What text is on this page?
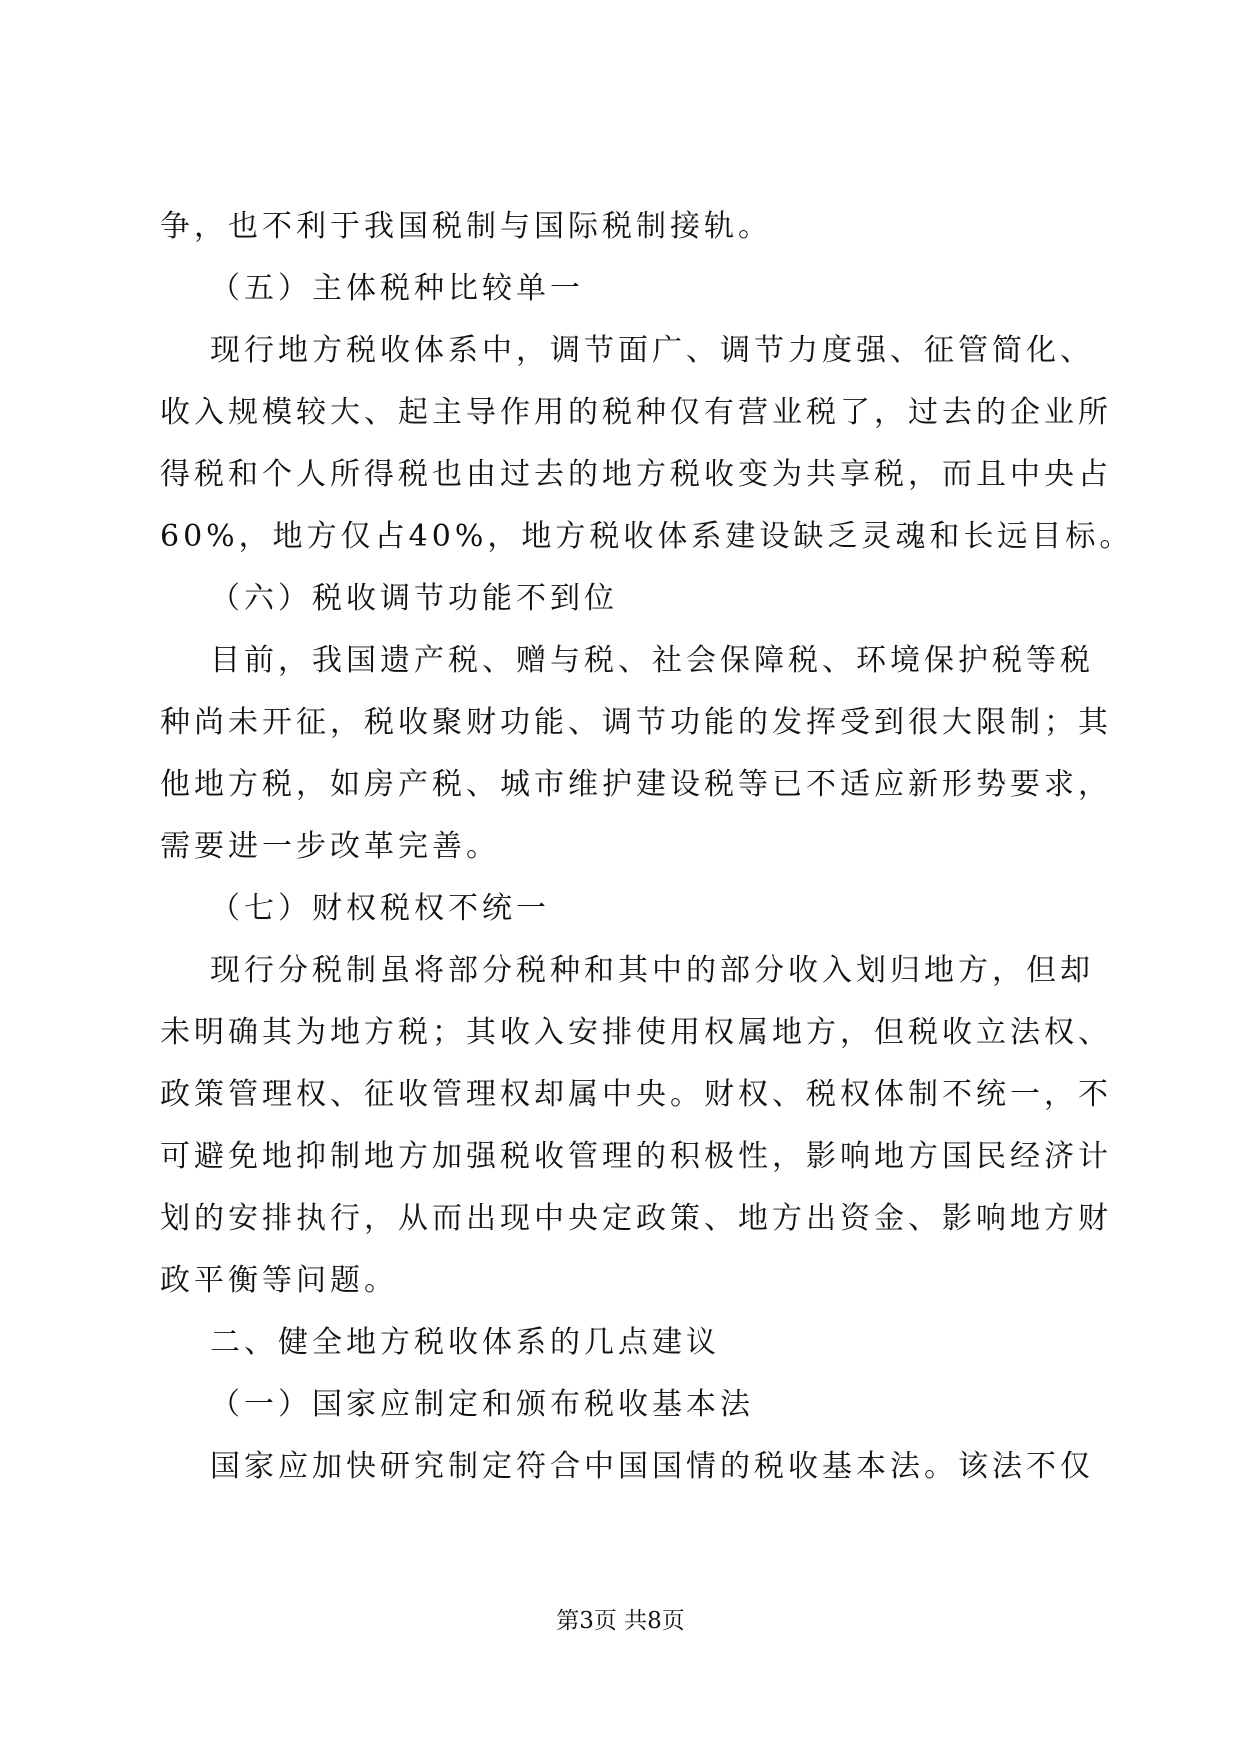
争，也不利于我国税制与国际税制接轨。
（五）主体税种比较单一
现行地方税收体系中，调节面广、调节力度强、征管简化、
收入规模较大、起主导作用的税种仅有营业税了，过去的企业所
得税和个人所得税也由过去的地方税收变为共享税，而且中央占
60%，地方仅占40%，地方税收体系建设缺乏灵魂和长远目标。
（六）税收调节功能不到位
目前，我国遗产税、赠与税、社会保障税、环境保护税等税
种尚未开征，税收聚财功能、调节功能的发挥受到很大限制；其
他地方税，如房产税、城市维护建设税等已不适应新形势要求，
需要进一步改革完善。
（七）财权税权不统一
现行分税制虽将部分税种和其中的部分收入划归地方，但却
未明确其为地方税；其收入安排使用权属地方，但税收立法权、
政策管理权、征收管理权却属中央。财权、税权体制不统一，不
可避免地抑制地方加强税收管理的积极性，影响地方国民经济计
划的安排执行，从而出现中央定政策、地方出资金、影响地方财
政平衡等问题。
二、健全地方税收体系的几点建议
（一）国家应制定和颁布税收基本法
国家应加快研究制定符合中国国情的税收基本法。该法不仅
第3页 共8页
